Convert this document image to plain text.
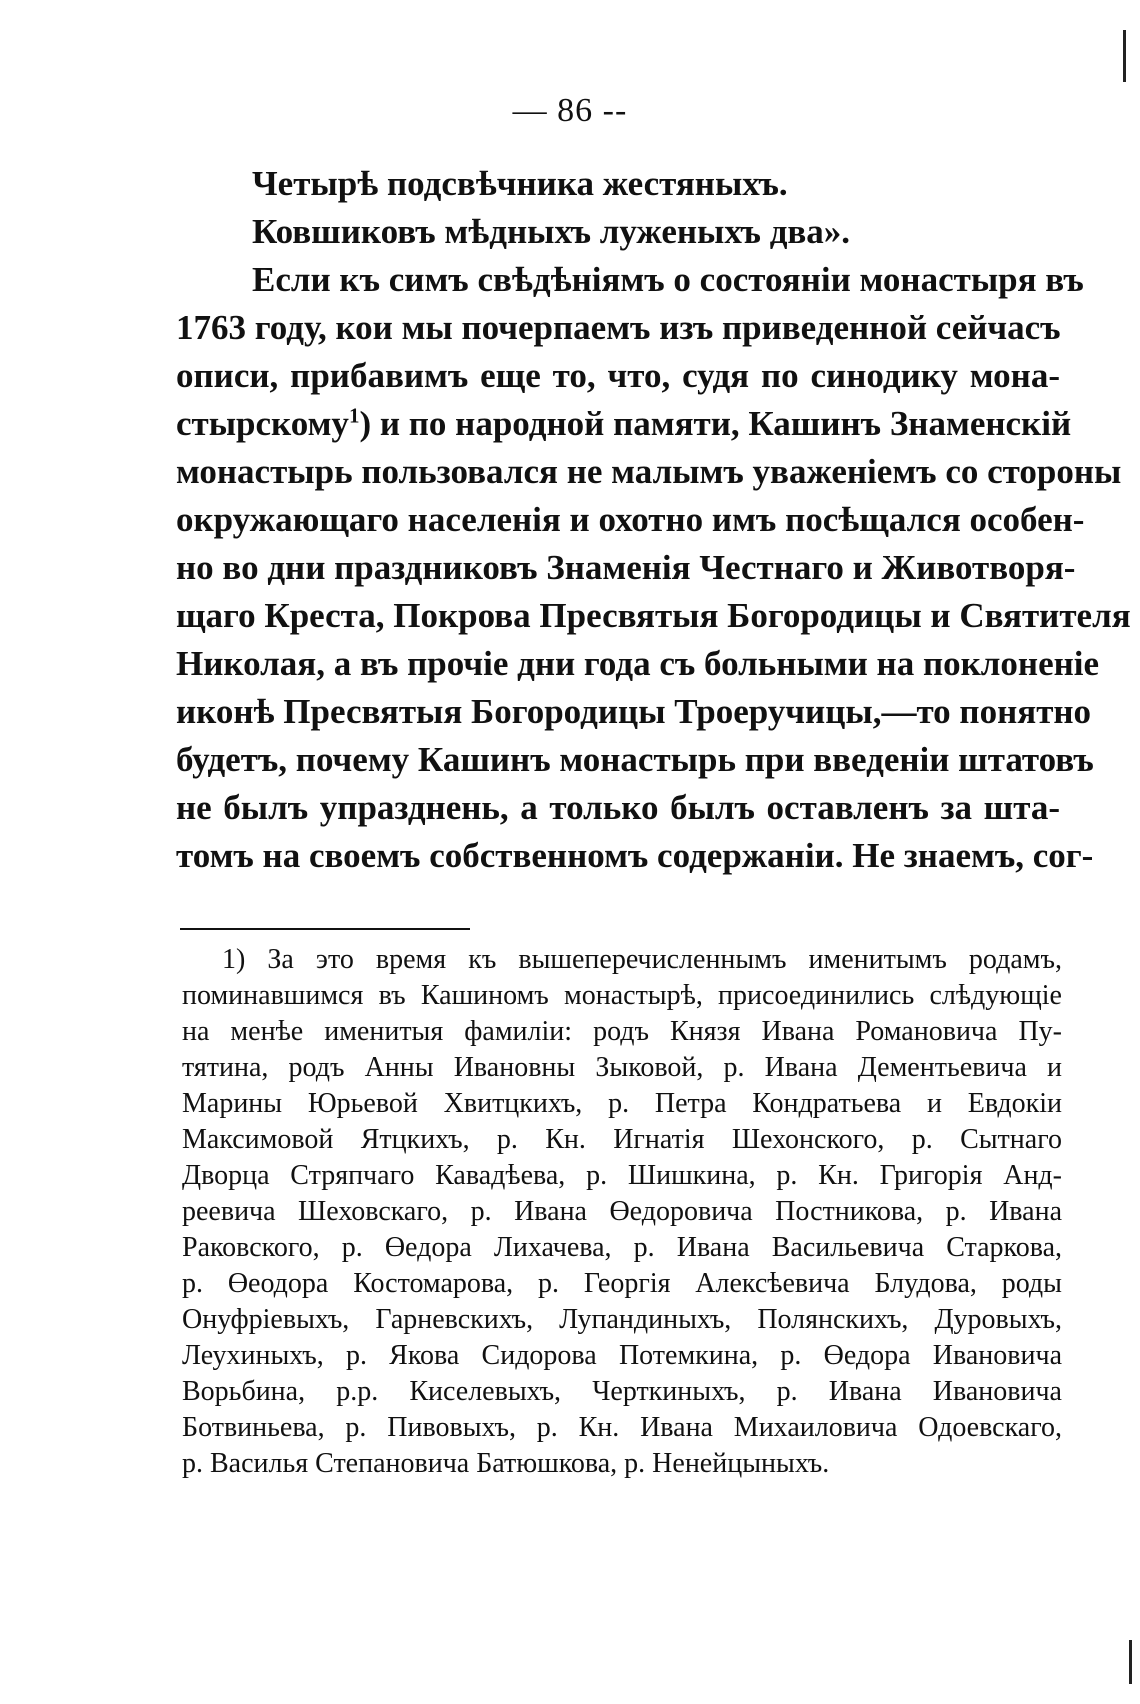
— 86 --
Четырѣ подсвѣчника жестяныхъ.
Ковшиковъ мѣдныхъ луженыхъ два».
Если къ симъ свѣдѣніямъ о состояніи монастыря въ
1763 году, кои мы почерпаемъ изъ приведенной сейчасъ
описи, прибавимъ еще то, что, судя по синодику мона-
стырскому$^1$) и по народной памяти, Кашинъ Знаменскій
монастырь пользовался не малымъ уваженіемъ со стороны
окружающаго населенія и охотно имъ посѣщался особен-
но во дни праздниковъ Знаменія Честнаго и Животворя-
щаго Креста, Покрова Пресвятыя Богородицы и Святителя
Николая, а въ прочіе дни года съ больными на поклоненіе
иконѣ Пресвятыя Богородицы Троеручицы,—то понятно
будетъ, почему Кашинъ монастырь при введеніи штатовъ
не былъ упразднень, а только былъ оставленъ за шта-
томъ на своемъ собственномъ содержаніи. Не знаемъ, сог-
1) За это время къ вышеперечисленнымъ именитымъ родамъ,
поминавшимся въ Кашиномъ монастырѣ, присоединились слѣдующіе
на менѣе именитыя фамиліи: родъ Князя Ивана Романовича Пу-
тятина, родъ Анны Ивановны Зыковой, р. Ивана Дементьевича и
Марины Юрьевой Хвитцкихъ, р. Петра Кондратьева и Евдокіи
Максимовой Ятцкихъ, р. Кн. Игнатія Шехонского, р. Сытнаго
Дворца Стряпчаго Кавадѣева, р. Шишкина, р. Кн. Григорія Анд-
реевича Шеховскаго, р. Ивана Өедоровича Постникова, р. Ивана
Раковского, р. Өедора Лихачева, р. Ивана Васильевича Старкова,
р. Өеодора Костомарова, р. Георгія Алексѣевича Блудова, роды
Онуфріевыхъ, Гарневскихъ, Лупандиныхъ, Полянскихъ, Дуровыхъ,
Леухиныхъ, р. Якова Сидорова Потемкина, р. Өедора Ивановича
Ворьбина, р.р. Киселевыхъ, Черткиныхъ, р. Ивана Ивановича
Ботвиньева, р. Пивовыхъ, р. Кн. Ивана Михаиловича Одоевскаго,
р. Василья Степановича Батюшкова, р. Ненейцыныхъ.
